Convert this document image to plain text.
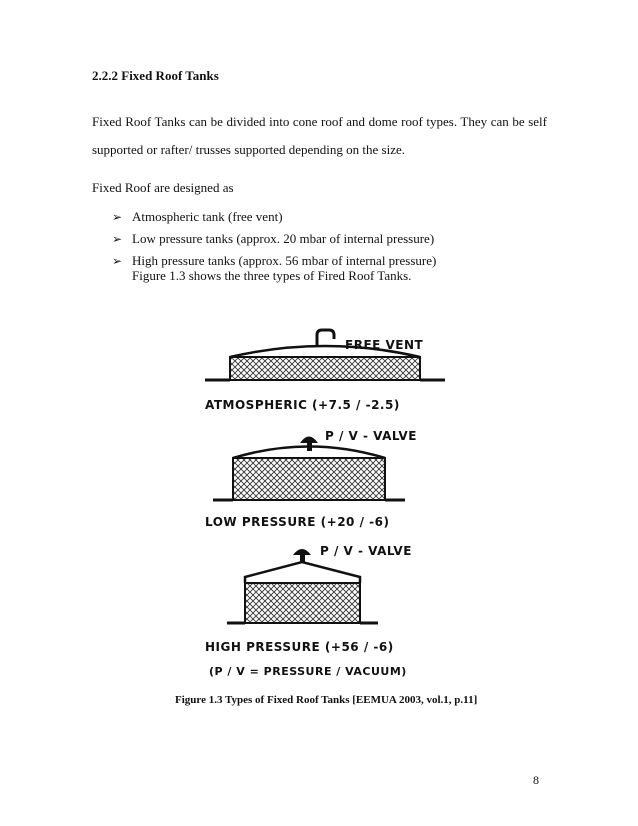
2.2.2 Fixed Roof Tanks

Fixed Roof Tanks can be divided into cone roof and dome roof types. They can be self supported or rafter/ trusses supported depending on the size.

Fixed Roof are designed as

➢ Atmospheric tank (free vent)
➢ Low pressure tanks (approx. 20 mbar of internal pressure)
➢ High pressure tanks (approx. 56 mbar of internal pressure)

Figure 1.3 shows the three types of Fired Roof Tanks.

FREE VENT
ATMOSPHERIC (+7.5 / -2.5)
P / V - VALVE
LOW PRESSURE (+20 / -6)
P / V - VALVE
HIGH PRESSURE (+56 / -6)
(P / V = PRESSURE / VACUUM)

Figure 1.3 Types of Fixed Roof Tanks [EEMUA 2003, vol.1, p.11]

8
